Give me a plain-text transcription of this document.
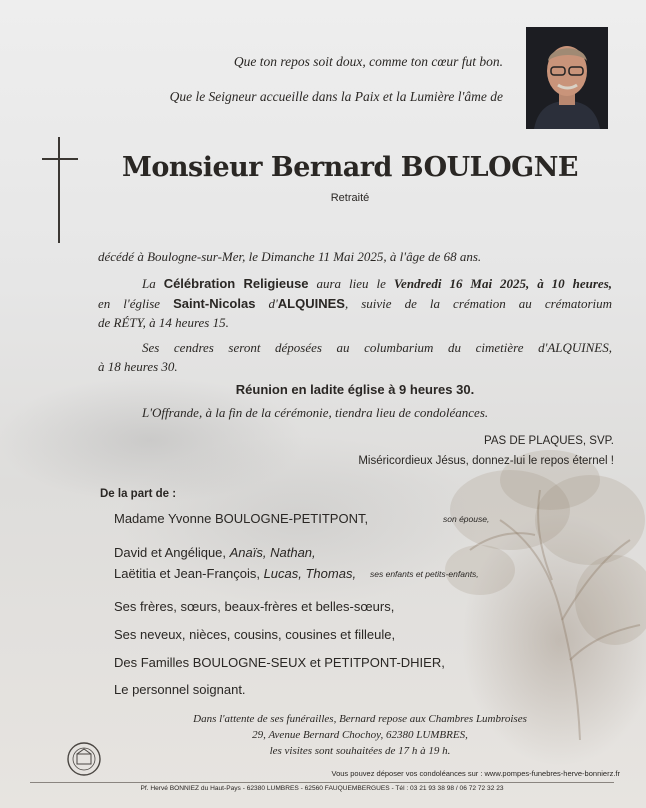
Que ton repos soit doux, comme ton cœur fut bon.
Que le Seigneur accueille dans la Paix et la Lumière l'âme de
Monsieur Bernard BOULOGNE
Retraité
décédé à Boulogne-sur-Mer, le Dimanche 11 Mai 2025, à l'âge de 68 ans.
La Célébration Religieuse aura lieu le Vendredi 16 Mai 2025, à 10 heures,
en l'église Saint-Nicolas d'ALQUINES, suivie de la crémation au crématorium
de RÉTY, à 14 heures 15.
Ses cendres seront déposées au columbarium du cimetière d'ALQUINES,
à 18 heures 30.
Réunion en ladite église à 9 heures 30.
L'Offrande, à la fin de la cérémonie, tiendra lieu de condoléances.
PAS DE PLAQUES, SVP.
Miséricordieux Jésus, donnez-lui le repos éternel !
De la part de :
Madame Yvonne BOULOGNE-PETITPONT,	son épouse,
David et Angélique, Anaïs, Nathan,
Laëtitia et Jean-François, Lucas, Thomas, ses enfants et petits-enfants,
Ses frères, sœurs, beaux-frères et belles-sœurs,
Ses neveux, nièces, cousins, cousines et filleule,
Des Familles BOULOGNE-SEUX et PETITPONT-DHIER,
Le personnel soignant.
Dans l'attente de ses funérailles, Bernard repose aux Chambres Lumbroises
29, Avenue Bernard Chochoy, 62380 LUMBRES,
les visites sont souhaitées de 17 h à 19 h.
Vous pouvez déposer vos condoléances sur : www.pompes-funebres-herve-bonnierz.fr
Pf. Hervé BONNIEZ du Haut-Pays - 62380 LUMBRES - 62560 FAUQUEMBERGUES - Tél : 03 21 93 38 98 / 06 72 72 32 23
